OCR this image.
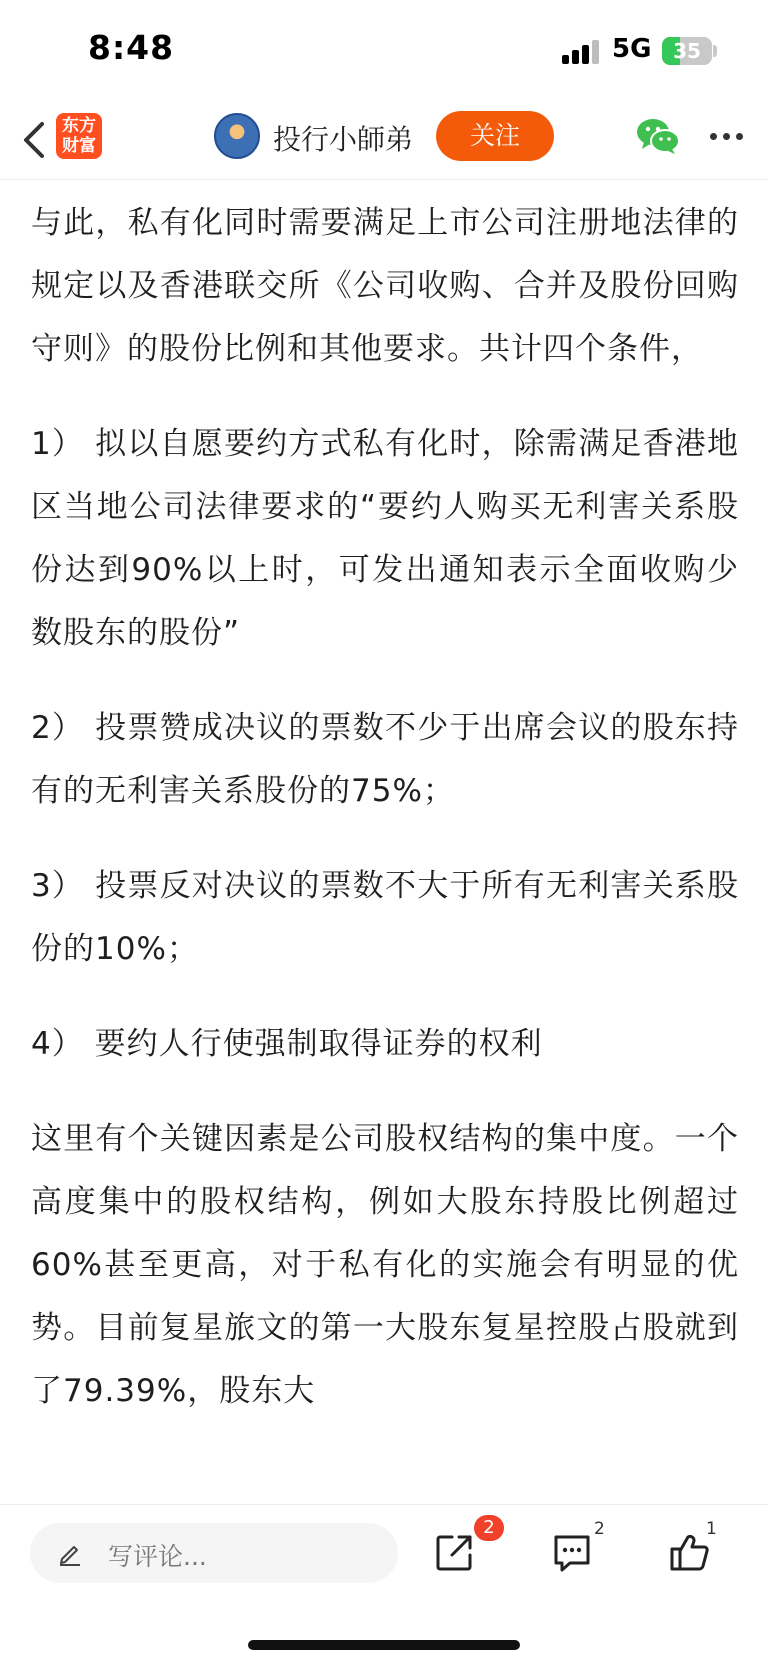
8:48	5G	35
东方财富	投行小師弟	关注

与此，私有化同时需要满足上市公司注册地法律的规定以及香港联交所《公司收购、合并及股份回购守则》的股份比例和其他要求。共计四个条件，

1） 拟以自愿要约方式私有化时，除需满足香港地区当地公司法律要求的“要约人购买无利害关系股份达到90%以上时，可发出通知表示全面收购少数股东的股份”

2） 投票赞成决议的票数不少于出席会议的股东持有的无利害关系股份的75%；

3） 投票反对决议的票数不大于所有无利害关系股份的10%；

4） 要约人行使强制取得证券的权利

这里有个关键因素是公司股权结构的集中度。一个高度集中的股权结构，例如大股东持股比例超过60%甚至更高，对于私有化的实施会有明显的优势。目前复星旅文的第一大股东复星控股占股就到了79.39%，股东大

写评论...
2	2	1
